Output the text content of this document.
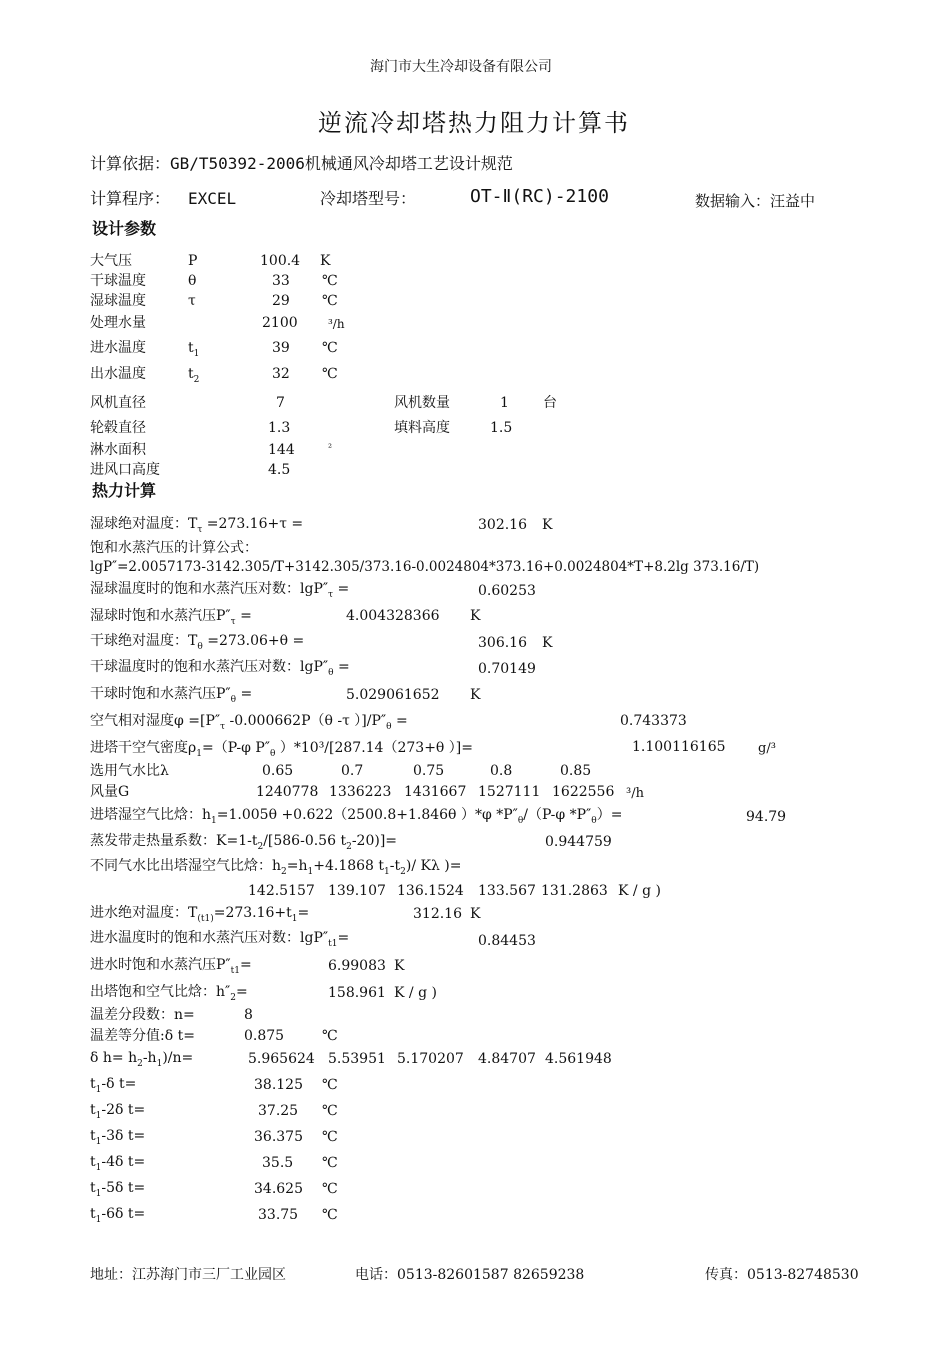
海门市大生冷却设备有限公司
逆流冷却塔热力阻力计算书
计算依据：GB/T50392-2006机械通风冷却塔工艺设计规范
计算程序： EXCEL	冷却塔型号：	OT-Ⅱ(RC)-2100	数据输入：汪益中
设计参数
大气压	P	100.4 K
干球温度	θ	33 ℃
湿球温度	τ	29 ℃
处理水量	2100	³/h
进水温度	$t_1$	39 ℃
出水温度	$t_2$	32 ℃
风机直径	7	风机数量	1 台
轮毂直径	1.3	填料高度	1.5
淋水面积	144	²
进风口高度	4.5
热力计算
湿球绝对温度：$T_\tau =273.16+\tau$ =	302.16 K
饱和水蒸汽压的计算公式：
lgP″=2.0057173-3142.305/T+3142.305/373.16-0.0024804*373.16+0.0024804*T+8.2lg 373.16/T)
湿球温度时的饱和水蒸汽压对数：$\lg P''_\tau$ =	0.60253
湿球时饱和水蒸汽压$P''_\tau$ =	4.004328366 K
干球绝对温度：$T_\theta =273.06+\theta$ =	306.16 K
干球温度时的饱和水蒸汽压对数：$\lg P''_\theta$ =	0.70149
干球时饱和水蒸汽压$P''_\theta$ =	5.029061652 K
空气相对湿度$\varphi =[P''_\tau$ -0.000662P（θ -τ ）]$/P''_\theta$ =	0.743373
进塔干空气密度$\rho_1=(P-\varphi$ $P''_\theta$ ）*10³/[287.14（273+θ ）]=	1.100116165 g/³
选用气水比λ	0.65	0.7	0.75	0.8	0.85
风量G	1240778 1336223 1431667 1527111 1622556 ³/h
进塔湿空气比焓：$h_1=1.005\theta +0.622(2500.8+1.846\theta$ ）*φ $*P''_\theta/(P-\varphi$ $*P''_\theta)=$	94.79
蒸发带走热量系数：$K=1-t_2/[586-0.56$ $t_2-20)]=$	0.944759
不同气水比出塔湿空气比焓：$h_2=h_1+4.1868$ $t_1-t_2)/$ Kλ )=
142.5157 139.107 136.1524 133.567 131.2863 K / g )
进水绝对温度：$T_{(t1)}=273.16+t_1=$	312.16 K
进水温度时的饱和水蒸汽压对数：$\lg P''_{t1}=$	0.84453
进水时饱和水蒸汽压$P''_{t1}=$	6.99083 K
出塔饱和空气比焓：$h''_2=$	158.961 K / g )
温差分段数：n=	8
温差等分值:δ t=	0.875	℃
δ $h= h_2-h_1)/n=$	5.965624 5.53951 5.170207 4.84707 4.561948
$t_1-\delta$ t=	38.125 ℃
$t_1-2\delta$ t=	37.25 ℃
$t_1-3\delta$ t=	36.375 ℃
$t_1-4\delta$ t=	35.5 ℃
$t_1-5\delta$ t=	34.625 ℃
$t_1-6\delta$ t=	33.75 ℃
地址：江苏海门市三厂工业园区	电话：0513-82601587 82659238	传真：0513-82748530
